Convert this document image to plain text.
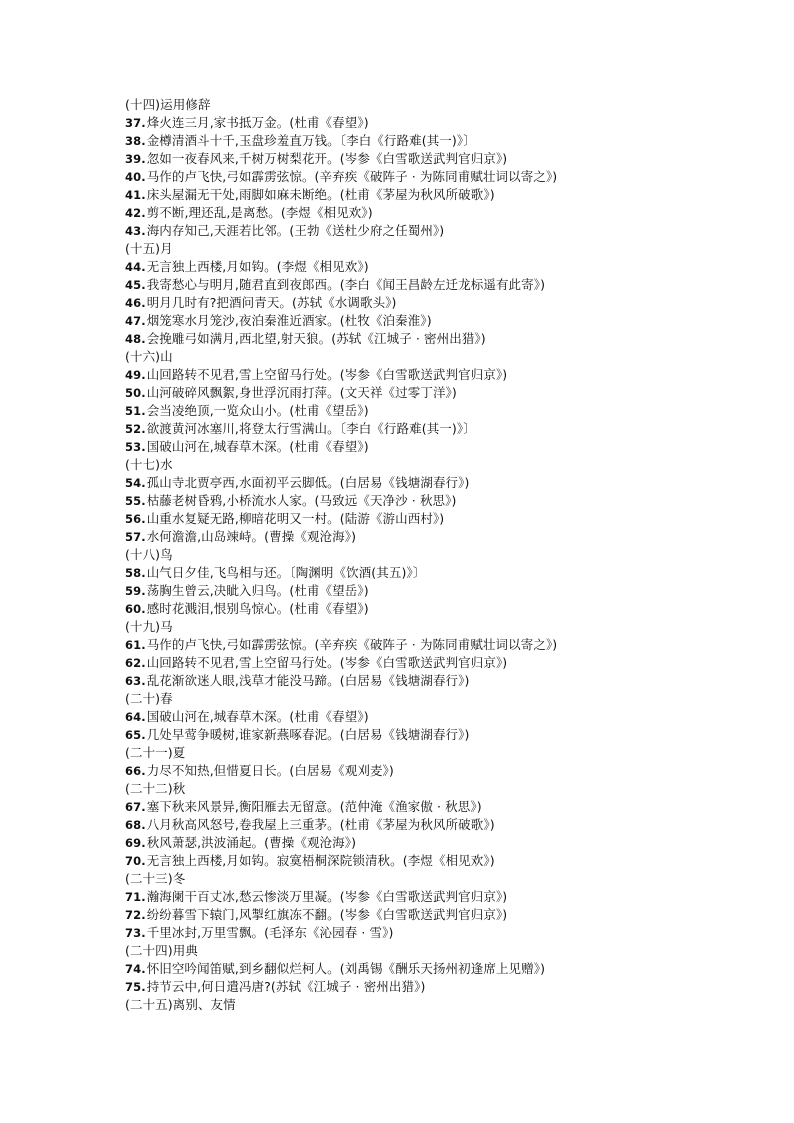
(十四)运用修辞
37.烽火连三月,家书抵万金。(杜甫《春望》)
38.金樽清酒斗十千,玉盘珍羞直万钱。〔李白《行路难(其一)》〕
39.忽如一夜春风来,千树万树梨花开。(岑参《白雪歌送武判官归京》)
40.马作的卢飞快,弓如霹雳弦惊。(辛弃疾《破阵子 · 为陈同甫赋壮词以寄之》)
41.床头屋漏无干处,雨脚如麻未断绝。(杜甫《茅屋为秋风所破歌》)
42.剪不断,理还乱,是离愁。(李煜《相见欢》)
43.海内存知己,天涯若比邻。(王勃《送杜少府之任蜀州》)
(十五)月
44.无言独上西楼,月如钩。(李煜《相见欢》)
45.我寄愁心与明月,随君直到夜郎西。(李白《闻王昌龄左迁龙标遥有此寄》)
46.明月几时有?把酒问青天。(苏轼《水调歌头》)
47.烟笼寒水月笼沙,夜泊秦淮近酒家。(杜牧《泊秦淮》)
48.会挽雕弓如满月,西北望,射天狼。(苏轼《江城子 · 密州出猎》)
(十六)山
49.山回路转不见君,雪上空留马行处。(岑参《白雪歌送武判官归京》)
50.山河破碎风飘絮,身世浮沉雨打萍。(文天祥《过零丁洋》)
51.会当凌绝顶,一览众山小。(杜甫《望岳》)
52.欲渡黄河冰塞川,将登太行雪满山。〔李白《行路难(其一)》〕
53.国破山河在,城春草木深。(杜甫《春望》)
(十七)水
54.孤山寺北贾亭西,水面初平云脚低。(白居易《钱塘湖春行》)
55.枯藤老树昏鸦,小桥流水人家。(马致远《天净沙 · 秋思》)
56.山重水复疑无路,柳暗花明又一村。(陆游《游山西村》)
57.水何澹澹,山岛竦峙。(曹操《观沧海》)
(十八)鸟
58.山气日夕佳,飞鸟相与还。〔陶渊明《饮酒(其五)》〕
59.荡胸生曾云,决眦入归鸟。(杜甫《望岳》)
60.感时花溅泪,恨别鸟惊心。(杜甫《春望》)
(十九)马
61.马作的卢飞快,弓如霹雳弦惊。(辛弃疾《破阵子 · 为陈同甫赋壮词以寄之》)
62.山回路转不见君,雪上空留马行处。(岑参《白雪歌送武判官归京》)
63.乱花渐欲迷人眼,浅草才能没马蹄。(白居易《钱塘湖春行》)
(二十)春
64.国破山河在,城春草木深。(杜甫《春望》)
65.几处早莺争暖树,谁家新燕啄春泥。(白居易《钱塘湖春行》)
(二十一)夏
66.力尽不知热,但惜夏日长。(白居易《观刈麦》)
(二十二)秋
67.塞下秋来风景异,衡阳雁去无留意。(范仲淹《渔家傲 · 秋思》)
68.八月秋高风怒号,卷我屋上三重茅。(杜甫《茅屋为秋风所破歌》)
69.秋风萧瑟,洪波涌起。(曹操《观沧海》)
70.无言独上西楼,月如钩。寂寞梧桐深院锁清秋。(李煜《相见欢》)
(二十三)冬
71.瀚海阑干百丈冰,愁云惨淡万里凝。(岑参《白雪歌送武判官归京》)
72.纷纷暮雪下辕门,风掣红旗冻不翻。(岑参《白雪歌送武判官归京》)
73.千里冰封,万里雪飘。(毛泽东《沁园春 · 雪》)
(二十四)用典
74.怀旧空吟闻笛赋,到乡翻似烂柯人。(刘禹锡《酬乐天扬州初逢席上见赠》)
75.持节云中,何日遣冯唐?(苏轼《江城子 · 密州出猎》)
(二十五)离别、友情
